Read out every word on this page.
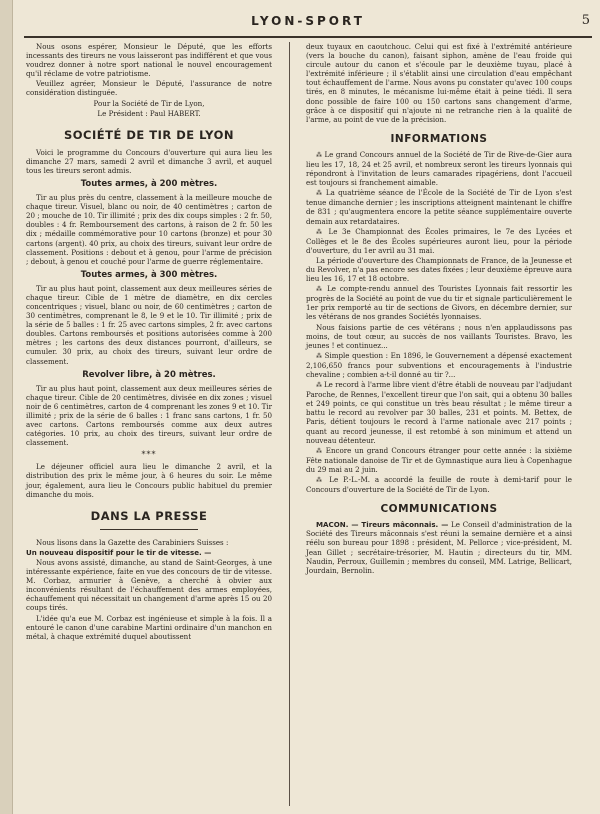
LYON-SPORT	5

Nous osons espérer, Monsieur le Député, que les efforts incessants des tireurs ne vous laisseront pas indifférent et que vous voudrez donner à notre sport national le nouvel encouragement qu'il réclame de votre patriotisme.

Veuillez agréer, Monsieur le Député, l'assurance de notre considération distinguée.

Pour la Société de Tir de Lyon,

Le Président : Paul HABERT.

SOCIÉTÉ DE TIR DE LYON

Voici le programme du Concours d'ouverture qui aura lieu les dimanche 27 mars, samedi 2 avril et dimanche 3 avril, et auquel tous les tireurs seront admis.

Toutes armes, à 200 mètres.

Tir au plus près du centre, classement à la meilleure mouche de chaque tireur. Visuel, blanc ou noir, de 40 centimètres ; carton de 20 ; mouche de 10. Tir illimité ; prix des dix coups simples : 2 fr. 50, doubles : 4 fr. Remboursement des cartons, à raison de 2 fr. 50 les dix ; médaille commémorative pour 10 cartons (bronze) et pour 30 cartons (argent). 40 prix, au choix des tireurs, suivant leur ordre de classement. Positions : debout et à genou, pour l'arme de précision ; debout, à genou et couché pour l'arme de guerre réglementaire.

Toutes armes, à 300 mètres.

Tir au plus haut point, classement aux deux meilleures séries de chaque tireur. Cible de 1 mètre de diamètre, en dix cercles concentriques ; visuel, blanc ou noir, de 60 centimètres ; carton de 30 centimètres, comprenant le 8, le 9 et le 10. Tir illimité ; prix de la série de 5 balles : 1 fr. 25 avec cartons simples, 2 fr. avec cartons doubles. Cartons remboursés et positions autorisées comme à 200 mètres ; les cartons des deux distances pourront, d'ailleurs, se cumuler. 30 prix, au choix des tireurs, suivant leur ordre de classement.

Revolver libre, à 20 mètres.

Tir au plus haut point, classement aux deux meilleures séries de chaque tireur. Cible de 20 centimètres, divisée en dix zones ; visuel noir de 6 centimètres, carton de 4 comprenant les zones 9 et 10. Tir illimité ; prix de la série de 6 balles : 1 franc sans cartons, 1 fr. 50 avec cartons. Cartons remboursés comme aux deux autres catégories. 10 prix, au choix des tireurs, suivant leur ordre de classement.

***

Le déjeuner officiel aura lieu le dimanche 2 avril, et la distribution des prix le même jour, à 6 heures du soir. Le même jour, également, aura lieu le Concours public habituel du premier dimanche du mois.

DANS LA PRESSE

Nous lisons dans la Gazette des Carabiniers Suisses :

Un nouveau dispositif pour le tir de vitesse. —

Nous avons assisté, dimanche, au stand de Saint-Georges, à une intéressante expérience, faite en vue des concours de tir de vitesse. M. Corbaz, armurier à Genève, a cherché à obvier aux inconvénients résultant de l'échauffement des armes employées, échauffement qui nécessitait un changement d'arme après 15 ou 20 coups tirés.

L'idée qu'a eue M. Corbaz est ingénieuse et simple à la fois. Il a entouré le canon d'une carabine Martini ordinaire d'un manchon en métal, à chaque extrémité duquel aboutissent

deux tuyaux en caoutchouc. Celui qui est fixé à l'extrémité antérieure (vers la bouche du canon), faisant siphon, amène de l'eau froide qui circule autour du canon et s'écoule par le deuxième tuyau, placé à l'extrémité inférieure ; il s'établit ainsi une circulation d'eau empêchant tout échauffement de l'arme. Nous avons pu constater qu'avec 100 coups tirés, en 8 minutes, le mécanisme lui-même était à peine tiédi. Il sera donc possible de faire 100 ou 150 cartons sans changement d'arme, grâce à ce dispositif qui n'ajoute ni ne retranche rien à la qualité de l'arme, au point de vue de la précision.

INFORMATIONS

⁂ Le grand Concours annuel de la Société de Tir de Rive-de-Gier aura lieu les 17, 18, 24 et 25 avril, et nombreux seront les tireurs lyonnais qui répondront à l'invitation de leurs camarades ripagériens, dont l'accueil est toujours si franchement aimable.

⁂ La quatrième séance de l'École de la Société de Tir de Lyon s'est tenue dimanche dernier ; les inscriptions atteignent maintenant le chiffre de 831 ; qu'augmentera encore la petite séance supplémentaire ouverte demain aux retardataires.

⁂ Le 3e Championnat des Écoles primaires, le 7e des Lycées et Collèges et le 8e des Écoles supérieures auront lieu, pour la période d'ouverture, du 1er avril au 31 mai.

La période d'ouverture des Championnats de France, de la Jeunesse et du Revolver, n'a pas encore ses dates fixées ; leur deuxième épreuve aura lieu les 16, 17 et 18 octobre.

⁂ Le compte-rendu annuel des Touristes Lyonnais fait ressortir les progrès de la Société au point de vue du tir et signale particulièrement le 1er prix remporté au tir de sections de Givors, en décembre dernier, sur les vétérans de nos grandes Sociétés lyonnaises.

Nous faisions partie de ces vétérans ; nous n'en applaudissons pas moins, de tout cœur, au succès de nos vaillants Touristes. Bravo, les jeunes ! et continuez...

⁂ Simple question : En 1896, le Gouvernement a dépensé exactement 2,106,650 francs pour subventions et encouragements à l'industrie chevaline ; combien a-t-il donné au tir ?...

⁂ Le record à l'arme libre vient d'être établi de nouveau par l'adjudant Paroche, de Rennes, l'excellent tireur que l'on sait, qui a obtenu 30 balles et 249 points, ce qui constitue un très beau résultat ; le même tireur a battu le record au revolver par 30 balles, 231 et points. M. Bettex, de Paris, détient toujours le record à l'arme nationale avec 217 points ; quant au record jeunesse, il est retombé à son minimum et attend un nouveau détenteur.

⁂ Encore un grand Concours étranger pour cette année : la sixième Fête nationale danoise de Tir et de Gymnastique aura lieu à Copenhague du 29 mai au 2 juin.

⁂ Le P.-L.-M. a accordé la feuille de route à demi-tarif pour le Concours d'ouverture de la Société de Tir de Lyon.

COMMUNICATIONS

MACON. — Tireurs mâconnais. — Le Conseil d'administration de la Société des Tireurs mâconnais s'est réuni la semaine dernière et a ainsi réélu son bureau pour 1898 : président, M. Pellorce ; vice-président, M. Jean Gillet ; secrétaire-trésorier, M. Hautin ; directeurs du tir, MM. Naudin, Perroux, Guillemin ; membres du conseil, MM. Latrige, Bellicart, Jourdain, Bernolin.
